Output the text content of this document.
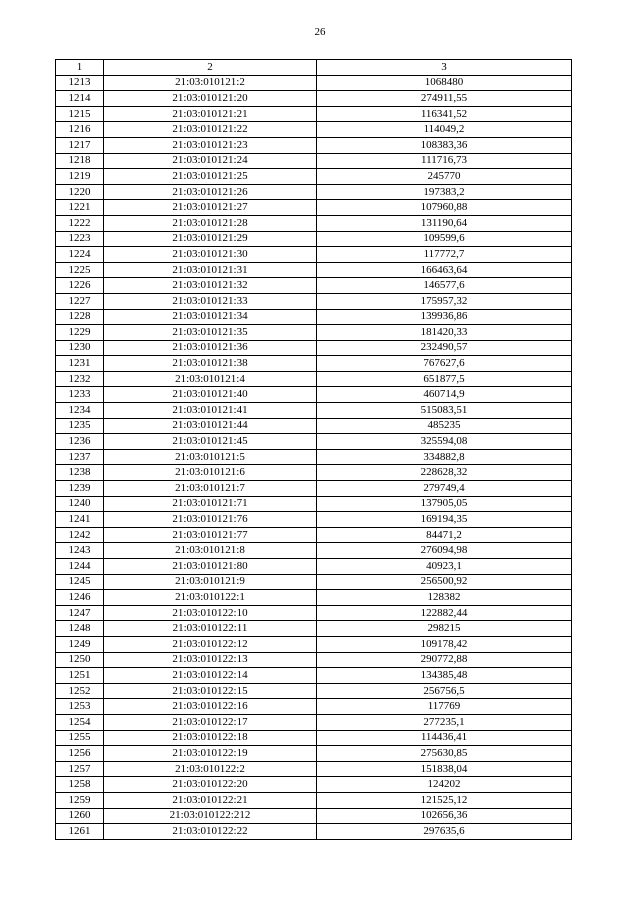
26
1	2	3
1213	21:03:010121:2	1068480
1214	21:03:010121:20	274911,55
1215	21:03:010121:21	116341,52
1216	21:03:010121:22	114049,2
1217	21:03:010121:23	108383,36
1218	21:03:010121:24	111716,73
1219	21:03:010121:25	245770
1220	21:03:010121:26	197383,2
1221	21:03:010121:27	107960,88
1222	21:03:010121:28	131190,64
1223	21:03:010121:29	109599,6
1224	21:03:010121:30	117772,7
1225	21:03:010121:31	166463,64
1226	21:03:010121:32	146577,6
1227	21:03:010121:33	175957,32
1228	21:03:010121:34	139936,86
1229	21:03:010121:35	181420,33
1230	21:03:010121:36	232490,57
1231	21:03:010121:38	767627,6
1232	21:03:010121:4	651877,5
1233	21:03:010121:40	460714,9
1234	21:03:010121:41	515083,51
1235	21:03:010121:44	485235
1236	21:03:010121:45	325594,08
1237	21:03:010121:5	334882,8
1238	21:03:010121:6	228628,32
1239	21:03:010121:7	279749,4
1240	21:03:010121:71	137905,05
1241	21:03:010121:76	169194,35
1242	21:03:010121:77	84471,2
1243	21:03:010121:8	276094,98
1244	21:03:010121:80	40923,1
1245	21:03:010121:9	256500,92
1246	21:03:010122:1	128382
1247	21:03:010122:10	122882,44
1248	21:03:010122:11	298215
1249	21:03:010122:12	109178,42
1250	21:03:010122:13	290772,88
1251	21:03:010122:14	134385,48
1252	21:03:010122:15	256756,5
1253	21:03:010122:16	117769
1254	21:03:010122:17	277235,1
1255	21:03:010122:18	114436,41
1256	21:03:010122:19	275630,85
1257	21:03:010122:2	151838,04
1258	21:03:010122:20	124202
1259	21:03:010122:21	121525,12
1260	21:03:010122:212	102656,36
1261	21:03:010122:22	297635,6
